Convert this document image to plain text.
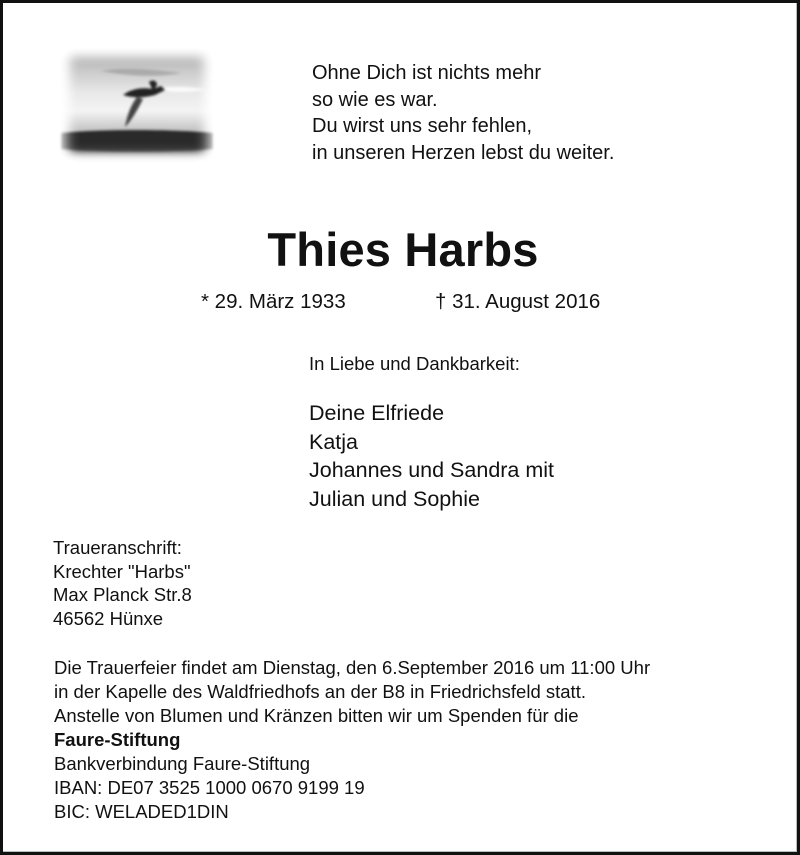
Ohne Dich ist nichts mehr
so wie es war.
Du wirst uns sehr fehlen,
in unseren Herzen lebst du weiter.
Thies Harbs
* 29. März 1933	† 31. August 2016
In Liebe und Dankbarkeit:
Deine Elfriede
Katja
Johannes und Sandra mit
Julian und Sophie
Traueranschrift:
Krechter "Harbs"
Max Planck Str.8
46562 Hünxe
Die Trauerfeier findet am Dienstag, den 6.September 2016 um 11:00 Uhr
in der Kapelle des Waldfriedhofs an der B8 in Friedrichsfeld statt.
Anstelle von Blumen und Kränzen bitten wir um Spenden für die
Faure-Stiftung
Bankverbindung Faure-Stiftung
IBAN: DE07 3525 1000 0670 9199 19
BIC: WELADED1DIN
